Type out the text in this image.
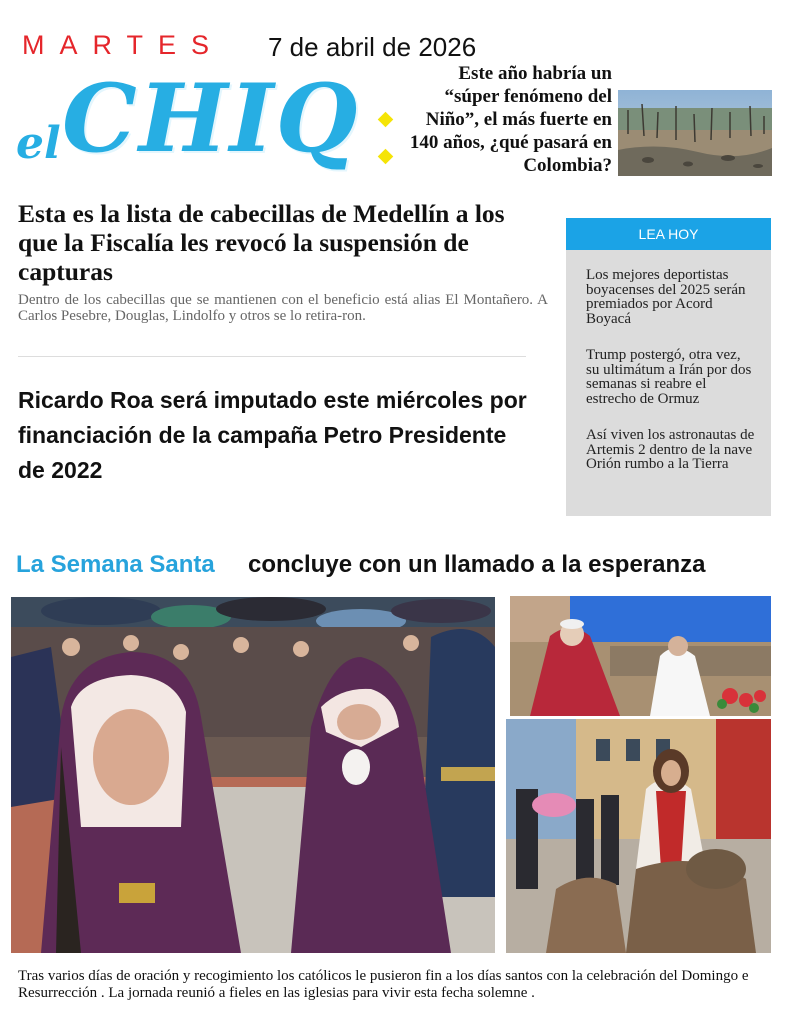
MARTES 7 de abril de 2026
el CHIQ	Este año habría un “súper fenómeno del Niño”, el más fuerte en 140 años, ¿qué pasará en Colombia?
Esta es la lista de cabecillas de Medellín a los que la Fiscalía les revocó la suspensión de capturas
Dentro de los cabecillas que se mantienen con el beneficio está alias El Montañero. A Carlos Pesebre, Douglas, Lindolfo y otros se lo retira-ron.
Ricardo Roa será imputado este miércoles por financiación de la campaña Petro Presidente de 2022
LEA HOY
Los mejores deportistas boyacenses del 2025 serán premiados por Acord Boyacá
Trump postergó, otra vez, su ultimátum a Irán por dos semanas si reabre el estrecho de Ormuz
Así viven los astronautas de Artemis 2 dentro de la nave Orión rumbo a la Tierra
La Semana Santa concluye con un llamado a la esperanza
Tras varios días de oración y recogimiento los católicos le pusieron fin a los días santos con la celebración del Domingo e Resurrección . La jornada reunió a fieles en las iglesias para vivir esta fecha solemne .
